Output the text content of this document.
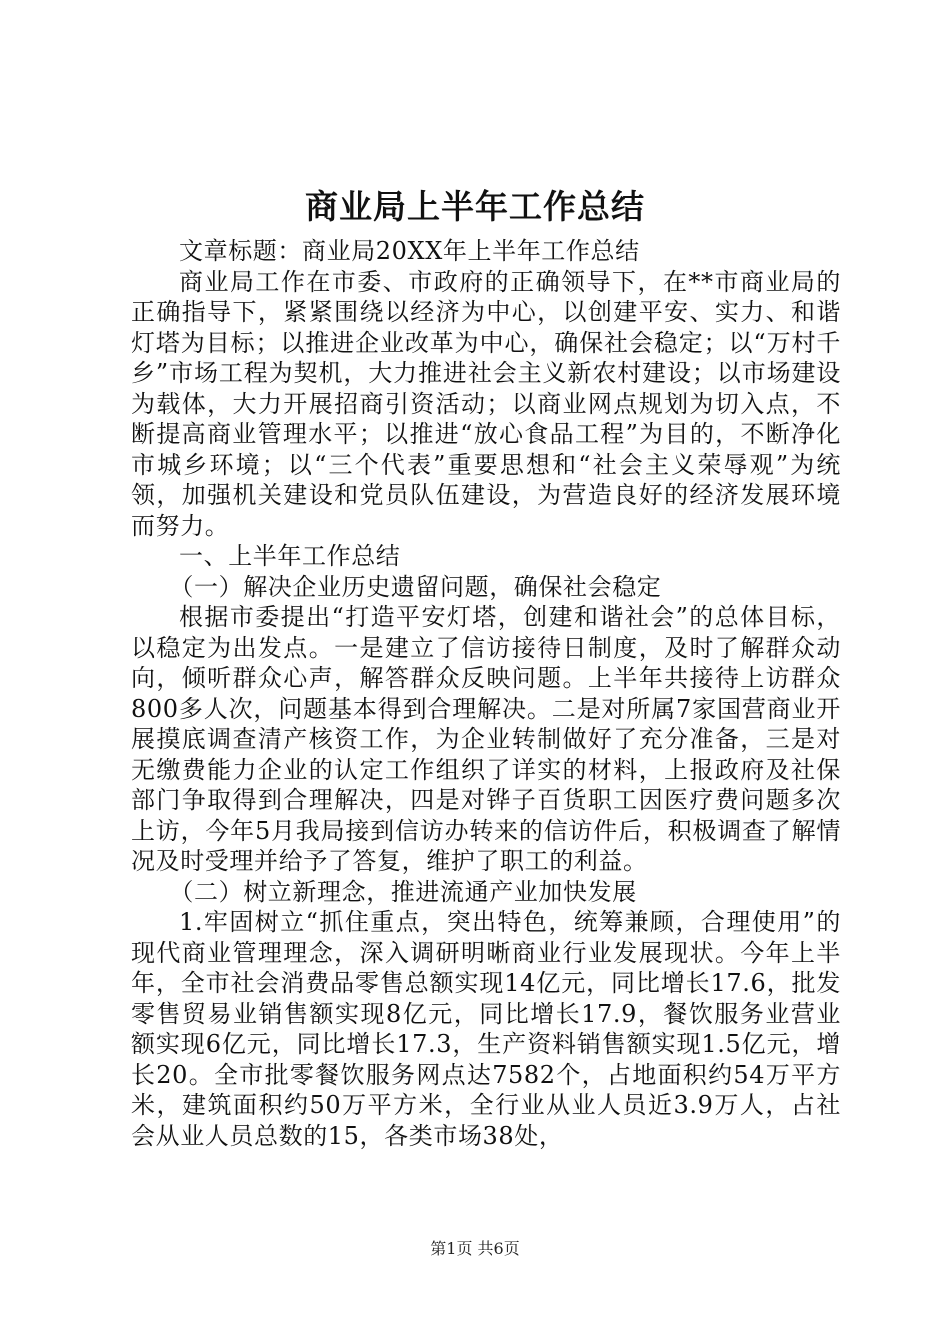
商业局上半年工作总结

文章标题：商业局20XX年上半年工作总结

商业局工作在市委、市政府的正确领导下，在**市商业局的正确指导下，紧紧围绕以经济为中心，以创建平安、实力、和谐灯塔为目标；以推进企业改革为中心，确保社会稳定；以“万村千乡”市场工程为契机，大力推进社会主义新农村建设；以市场建设为载体，大力开展招商引资活动；以商业网点规划为切入点，不断提高商业管理水平；以推进“放心食品工程”为目的，不断净化市城乡环境；以“三个代表”重要思想和“社会主义荣辱观”为统领，加强机关建设和党员队伍建设，为营造良好的经济发展环境而努力。

一、上半年工作总结

（一）解决企业历史遗留问题，确保社会稳定

根据市委提出“打造平安灯塔，创建和谐社会”的总体目标，以稳定为出发点。一是建立了信访接待日制度，及时了解群众动向，倾听群众心声，解答群众反映问题。上半年共接待上访群众800多人次，问题基本得到合理解决。二是对所属7家国营商业开展摸底调查清产核资工作，为企业转制做好了充分准备，三是对无缴费能力企业的认定工作组织了详实的材料，上报政府及社保部门争取得到合理解决，四是对铧子百货职工因医疗费问题多次上访，今年5月我局接到信访办转来的信访件后，积极调查了解情况及时受理并给予了答复，维护了职工的利益。

（二）树立新理念，推进流通产业加快发展

1.牢固树立“抓住重点，突出特色，统筹兼顾，合理使用”的现代商业管理理念，深入调研明晰商业行业发展现状。今年上半年，全市社会消费品零售总额实现14亿元，同比增长17.6，批发零售贸易业销售额实现8亿元，同比增长17.9，餐饮服务业营业额实现6亿元，同比增长17.3，生产资料销售额实现1.5亿元，增长20。全市批零餐饮服务网点达7582个，占地面积约54万平方米，建筑面积约50万平方米，全行业从业人员近3.9万人，占社会从业人员总数的15，各类市场38处，

第1页 共6页
